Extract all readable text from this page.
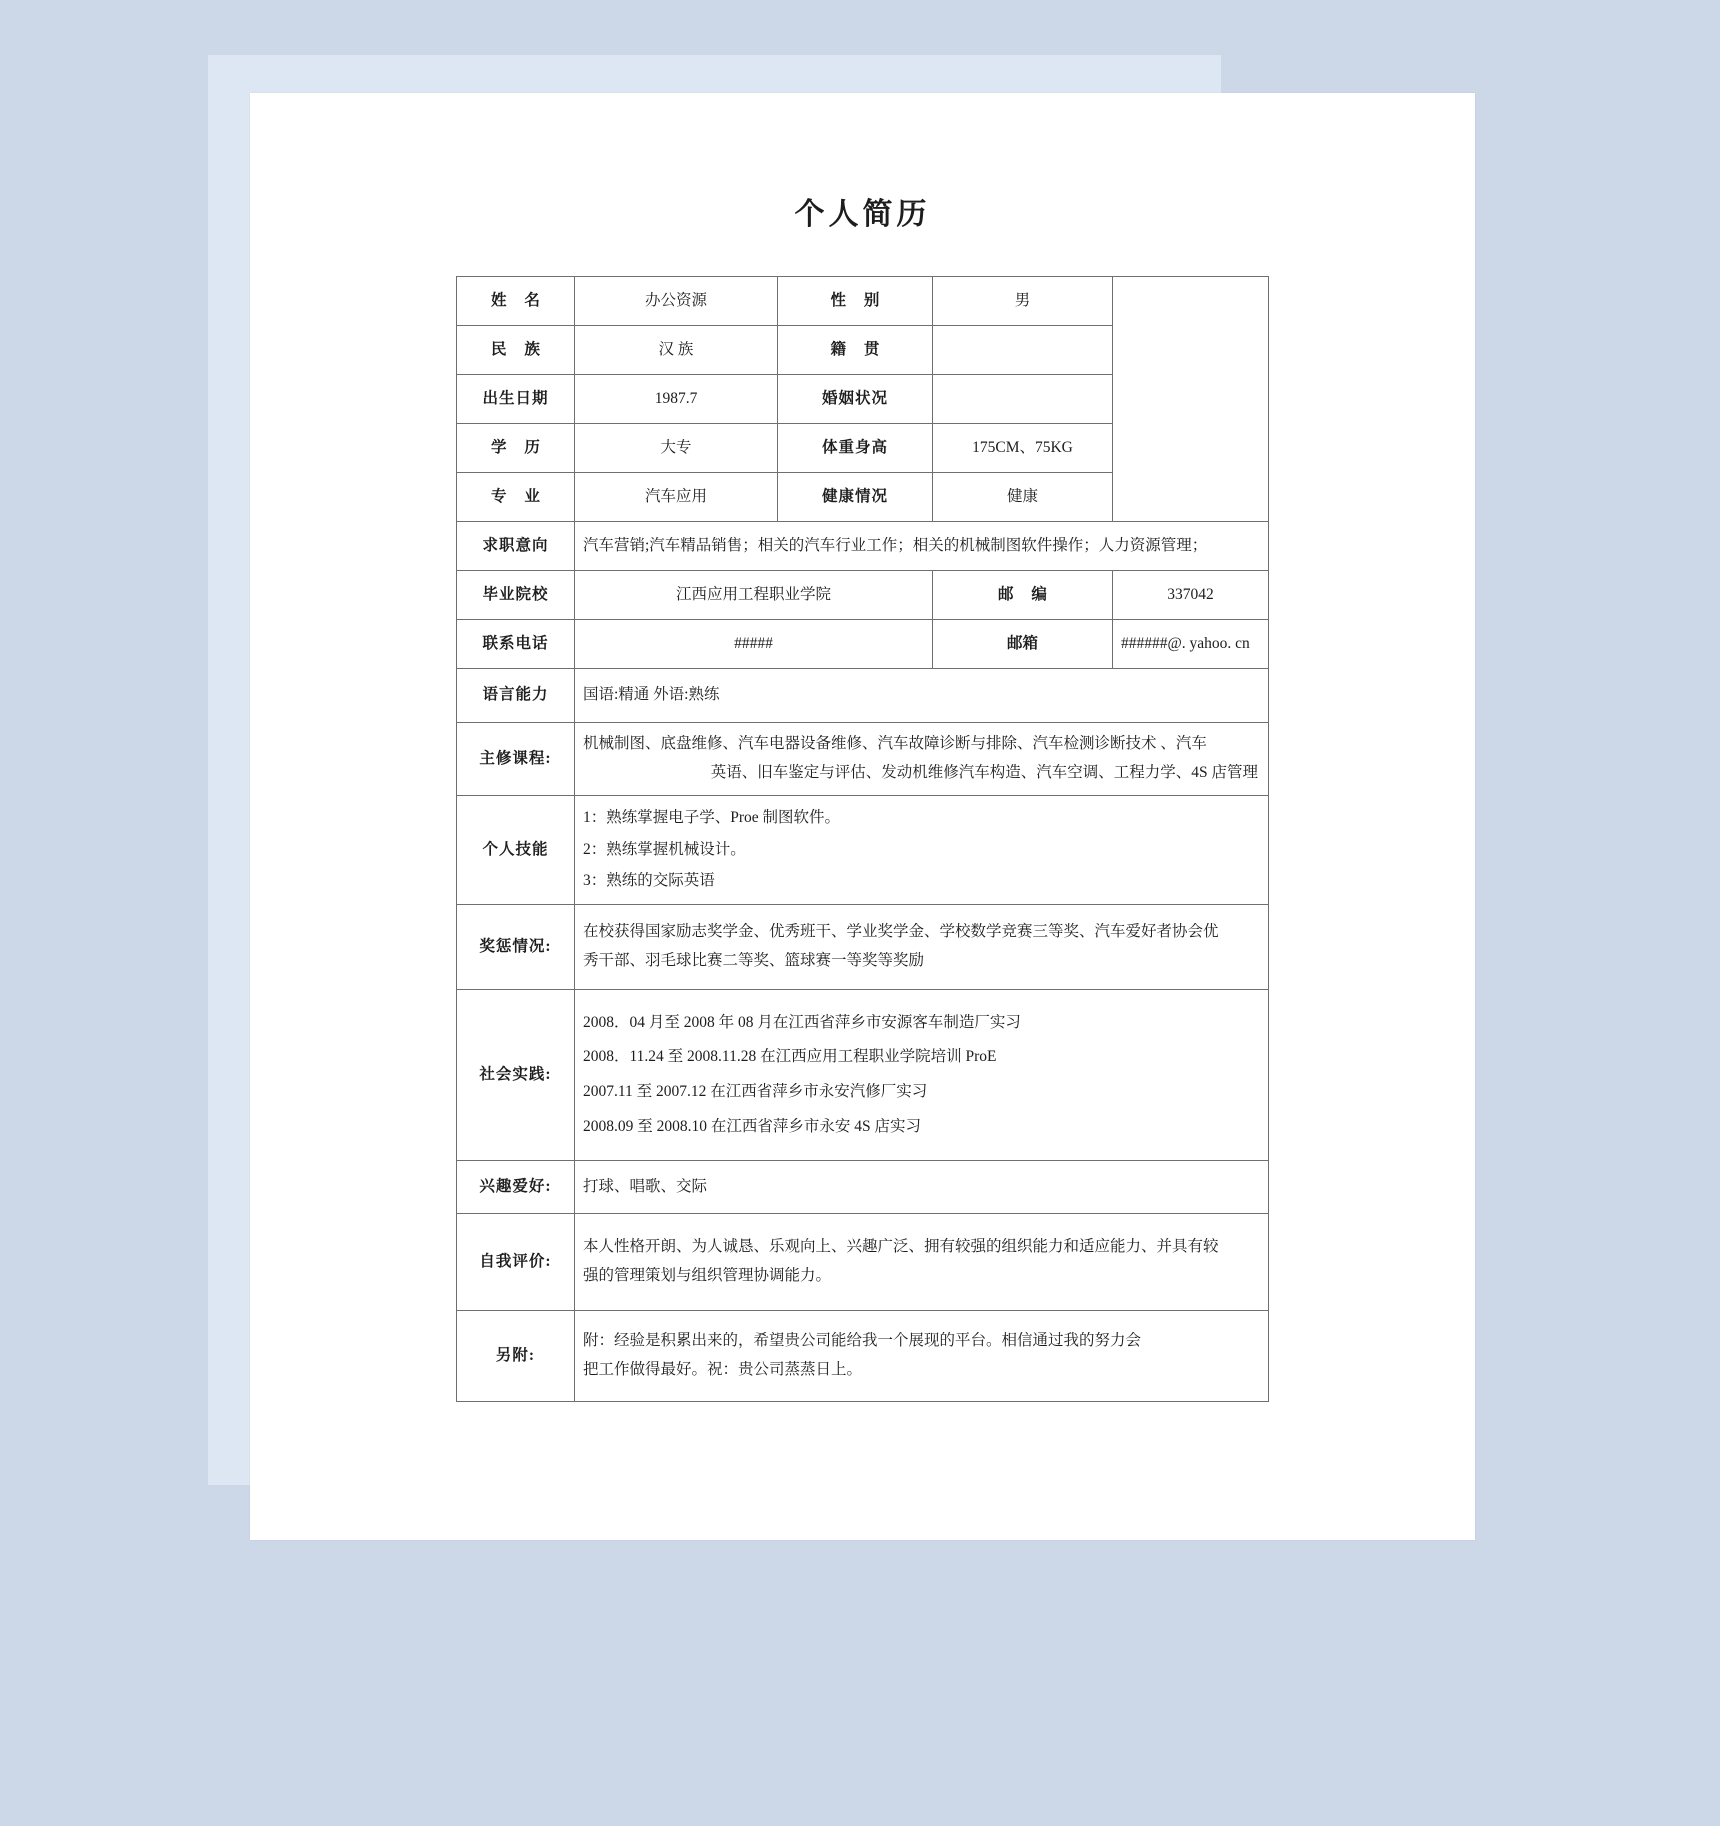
个人简历
姓 名	办公资源	性 别	男	
民 族	汉 族	籍 贯		
出生日期	1987.7	婚姻状况		
学 历	大专	体重身高	175CM、75KG	
专 业	汽车应用	健康情况	健康	
求职意向	汽车营销;汽车精品销售；相关的汽车行业工作；相关的机械制图软件操作；人力资源管理；			
毕业院校	江西应用工程职业学院		邮 编	337042
联系电话	#####		邮箱	######@. yahoo. cn
语言能力	国语:精通 外语:熟练			
主修课程:	机械制图、底盘维修、汽车电器设备维修、汽车故障诊断与排除、汽车检测诊断技术 、汽车
英语、旧车鉴定与评估、发动机维修汽车构造、汽车空调、工程力学、4S 店管理			

个人技能	1：熟练掌握电子学、Proe 制图软件。
2：熟练掌握机械设计。
3：熟练的交际英语			

奖惩情况:	在校获得国家励志奖学金、优秀班干、学业奖学金、学校数学竞赛三等奖、汽车爱好者协会优
秀干部、羽毛球比赛二等奖、篮球赛一等奖等奖励			

社会实践:	2008．04 月至 2008 年 08 月在江西省萍乡市安源客车制造厂实习
2008．11.24 至 2008.11.28 在江西应用工程职业学院培训 ProE
2007.11 至 2007.12 在江西省萍乡市永安汽修厂实习
2008.09 至 2008.10 在江西省萍乡市永安 4S 店实习			

兴趣爱好:	打球、唱歌、交际			
自我评价:	本人性格开朗、为人诚恳、乐观向上、兴趣广泛、拥有较强的组织能力和适应能力、并具有较
强的管理策划与组织管理协调能力。			

另附:	附：经验是积累出来的，希望贵公司能给我一个展现的平台。相信通过我的努力会
把工作做得最好。祝：贵公司蒸蒸日上。			
